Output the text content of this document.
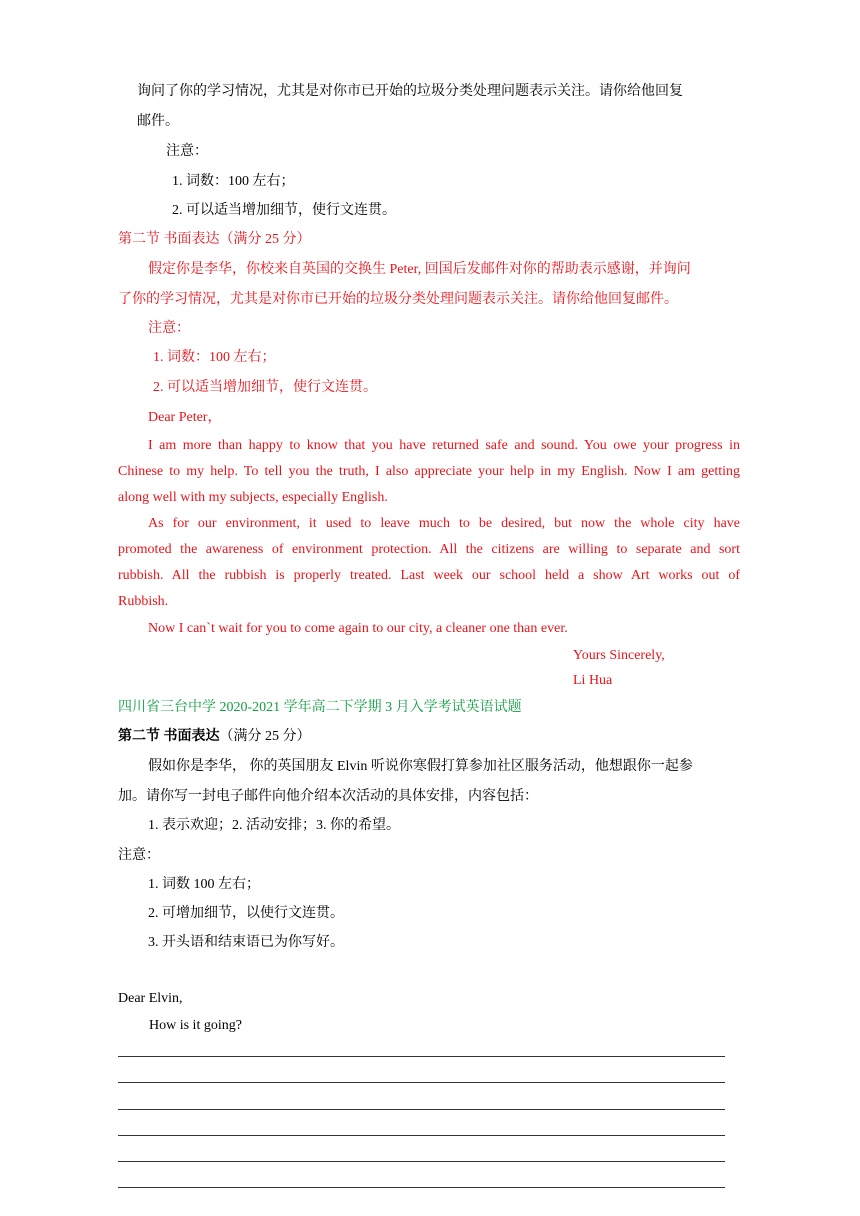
询问了你的学习情况，尤其是对你市已开始的垃圾分类处理问题表示关注。请你给他回复
邮件。
注意：
1. 词数：100 左右；
2. 可以适当增加细节，使行文连贯。
第二节 书面表达（满分 25 分）
假定你是李华，你校来自英国的交换生 Peter, 回国后发邮件对你的帮助表示感谢，并询问
了你的学习情况，尤其是对你市已开始的垃圾分类处理问题表示关注。请你给他回复邮件。
注意：
1. 词数：100 左右；
2. 可以适当增加细节，使行文连贯。
Dear Peter，
I am more than happy to know that you have returned safe and sound. You owe your progress in
Chinese to my help. To tell you the truth, I also appreciate your help in my English. Now I am getting
along well with my subjects, especially English.
As for our environment, it used to leave much to be desired, but now the whole city have
promoted the awareness of environment protection. All the citizens are willing to separate and sort
rubbish. All the rubbish is properly treated. Last week our school held a show Art works out of
Rubbish.
Now I can`t wait for you to come again to our city, a cleaner one than ever.
Yours Sincerely,
Li Hua
四川省三台中学 2020-2021 学年高二下学期 3 月入学考试英语试题
第二节 书面表达（满分 25 分）
假如你是李华， 你的英国朋友 Elvin 听说你寒假打算参加社区服务活动，他想跟你一起参
加。请你写一封电子邮件向他介绍本次活动的具体安排，内容包括：
1. 表示欢迎；2. 活动安排；3. 你的希望。
注意：
1. 词数 100 左右；
2. 可增加细节，以使行文连贯。
3. 开头语和结束语已为你写好。
Dear Elvin,
How is it going?
